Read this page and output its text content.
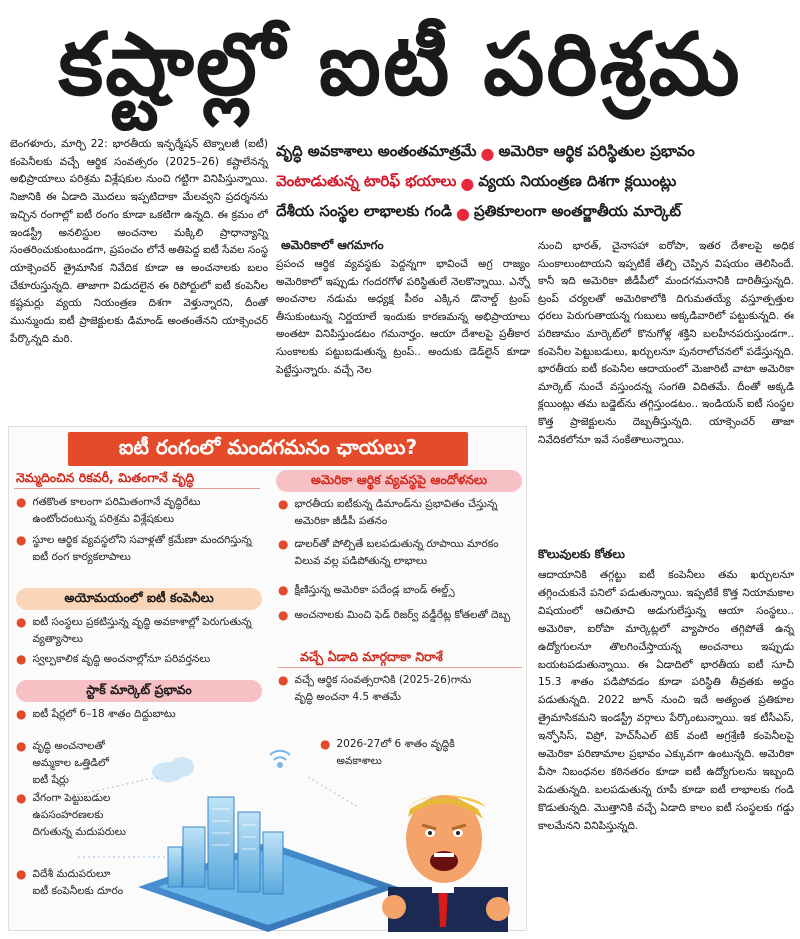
కష్టాల్లో ఐటీ పరిశ్రమ
బెంగళూరు, మార్చి 22: భారతీయ ఇన్ఫర్మేషన్ టెక్నాలజీ (ఐటీ) కంపెనీలకు వచ్చే ఆర్థిక సంవత్సరం (2025–26) కష్టాలేనన్న అభిప్రాయాలు పరిశ్రమ విశ్లేషకుల నుంచి గట్టిగా వినిపిస్తున్నాయి. నిజానికి ఈ ఏడాది మొదలు ఇప్పటిదాకా మేలవ్వని ప్రదర్శనను ఇచ్చిన రంగాల్లో ఐటీ రంగం కూడా ఒకటిగా ఉన్నది. ఈ క్రమం లో ఇండస్ట్రీ అనలిస్టుల అంచనాల మక్కిలి ప్రాధాన్యాన్ని సంతరించుకుంటుండగా, ప్రపంచం లోనే అతిపెద్ద ఐటీ సేవల సంస్థ యాక్సెంచర్ త్రైమాసిక నివేదిక కూడా ఆ అంచనాలకు బలం చేకూరుస్తున్నది. తాజాగా విడుదలైన ఈ రిపోర్టులో ఐటీ కంపెనీల కష్టమర్లు వ్యయ నియంత్రణ దిశగా వెళ్తున్నారని, దీంతో మున్ముందు ఐటీ ప్రాజెక్టులకు డిమాండ్ అంతంతేనని యాక్సెంచర్ పేర్కొన్నది మరి.
వృద్ధి అవకాశాలు అంతంతమాత్రమే ● అమెరికా ఆర్థిక పరిస్థితుల ప్రభావం
వెంటాడుతున్న టారిఫ్ భయాలు ● వ్యయ నియంత్రణ దిశగా క్లయింట్లు
దేశీయ సంస్థల లాభాలకు గండి ● ప్రతికూలంగా అంతర్జాతీయ మార్కెట్
అమెరికాలో ఆగమాగం
ప్రపంచ ఆర్థిక వ్యవస్థకు పెద్దన్నగా భావించే అగ్ర రాజ్యం అమెరికాలో ఇప్పుడు గందరగోళ పరిస్థితులే నెలకొన్నాయి. ఎన్నో అంచనాల నడుమ అధ్యక్ష పీఠం ఎక్కిన డొనాల్డ్ ట్రంప్ తీసుకుంటున్న నిర్ణయాలే ఇందుకు కారణమన్న అభిప్రాయాలు అంతటా వినిపిస్తుండటం గమనార్హం. ఆయా దేశాలపై ప్రతీకార సుంకాలకు పట్టుబడుతున్న ట్రంప్.. అందుకు డెడ్‌లైన్ కూడా పెట్టేస్తున్నారు. వచ్చే నెల
నుంచి భారత్, చైనాసహా ఐరోపా, ఇతర దేశాలపై అధిక సుంకాలుంటాయని ఇప్పటికే తేల్చి చెప్పిన విషయం తెలిసిందే. కానీ ఇది అమెరికా జీడీపీలో మందగమనానికి దారితీస్తున్నది. ట్రంప్ చర్యలతో అమెరికాలోకి దిగుమతయ్యే వస్తూత్పత్తుల ధరలు పెరుగుతాయన్న గుబులు అక్కడివారిలో పట్టుకున్నది. ఈ పరిణామం మార్కెట్‌లో కొనుగోళ్ల శక్తిని బలహీనపరుస్తుండగా.. కంపెనీల పెట్టుబడులు, ఖర్చులనూ పునరాలోచనలో పడేస్తున్నది. భారతీయ ఐటీ కంపెనీల ఆదాయంలో మెజారిటీ వాటా అమెరికా మార్కెట్ నుంచే వస్తుందన్న సంగతి విదితమే. దీంతో అక్కడి క్లయింట్లు తమ బడ్జెట్‌ను తగ్గిస్తుండటం.. ఇండియన్ ఐటీ సంస్థల కొత్త ప్రాజెక్టులను దెబ్బతీస్తున్నది. యాక్సెంచర్ తాజా నివేదికలోనూ ఇవే సంకేతాలున్నాయి.
కొలువులకు కోతలు
ఆదాయానికి తగ్గట్టు ఐటీ కంపెనీలు తమ ఖర్చులనూ తగ్గించుకునే పనిలో పడుతున్నాయి. ఇప్పటికే కొత్త నియామకాల విషయంలో ఆచితూచి అడుగులేస్తున్న ఆయా సంస్థలు.. అమెరికా, ఐరోపా మార్కెట్లలో వ్యాపారం తగ్గిపోతే ఉన్న ఉద్యోగులనూ తొలగించేస్తాయన్న అంచనాలు ఇప్పుడు బయటపడుతున్నాయి. ఈ ఏడాదిలో భారతీయ ఐటీ సూచీ 15.3 శాతం పడిపోవడం కూడా పరిస్థితి తీవ్రతకు అద్దం పడుతున్నది. 2022 జూన్ నుంచి ఇదే అత్యంత ప్రతికూల త్రైమాసికమని ఇండస్ట్రీ వర్గాలు పేర్కొంటున్నాయి. ఇక టీసీఎస్, ఇన్ఫోసిస్, విప్రో, హెచ్‌సీఎల్ టెక్ వంటి అగ్రశ్రేణి కంపెనీలపై అమెరికా పరిణామాల ప్రభావం ఎక్కువగా ఉంటున్నది. అమెరికా వీసా నిబంధనల కఠినతరం కూడా ఐటీ ఉద్యోగులను ఇబ్బంది పెడుతున్నది. బలపడుతున్న రూపీ కూడా ఐటీ లాభాలకు గండి కొడుతున్నది. మొత్తానికి వచ్చే ఏడాది కాలం ఐటీ సంస్థలకు గడ్డు కాలమేనని వినిపిస్తున్నది.
ఐటీ రంగంలో మందగమనం ఛాయలు?
నెమ్మదించిన రికవరీ, మితంగానే వృద్ధి
● గతకొంత కాలంగా పరిమితంగానే వృద్ధిరేటు ఉంటోందంటున్న పరిశ్రమ విశ్లేషకులు
● స్థూల ఆర్థిక వ్యవస్థలోని సవాళ్లతో క్రమేణా మందగిస్తున్న ఐటీ రంగ కార్యకలాపాలు
అయోమయంలో ఐటీ కంపెనీలు
● ఐటీ సంస్థలు ప్రకటిస్తున్న వృద్ధి అవకాశాల్లో పెరుగుతున్న వ్యత్యాసాలు
● స్వల్పకాలిక వృద్ధి అంచనాల్లోనూ పరివర్తనలు
స్టాక్ మార్కెట్ ప్రభావం
● ఐటీ షేర్లలో 6–18 శాతం దిద్దుబాటు
● వృద్ధి అంచనాలతో అమ్మకాల ఒత్తిడిలో ఐటీ షేర్లు
● వేగంగా పెట్టుబడుల ఉపసంహరణలకు దిగుతున్న మదుపరులు
● విదేశీ మదుపరులూ ఐటీ కంపెనీలకు దూరం
అమెరికా ఆర్థిక వ్యవస్థపై ఆందోళనలు
● భారతీయ ఐటీకున్న డిమాండ్‌ను ప్రభావితం చేస్తున్న అమెరికా జీడీపీ పతనం
● డాలర్‌తో పోల్చితే బలపడుతున్న రూపాయి మారకం విలువ వల్ల పడిపోతున్న లాభాలు
● క్షీణిస్తున్న అమెరికా పదేండ్ల బాండ్ ఈల్డ్స్
● అంచనాలకు మించి ఫెడ్ రిజర్వ్ వడ్డీరేట్ల కోతలతో దెబ్బ
వచ్చే ఏడాది మార్గదాకా నిరాశే
● వచ్చే ఆర్థిక సంవత్సరానికి (2025-26)గాను వృద్ధి అంచనా 4.5 శాతమే
● 2026-27లో 6 శాతం వృద్ధికి అవకాశాలు
